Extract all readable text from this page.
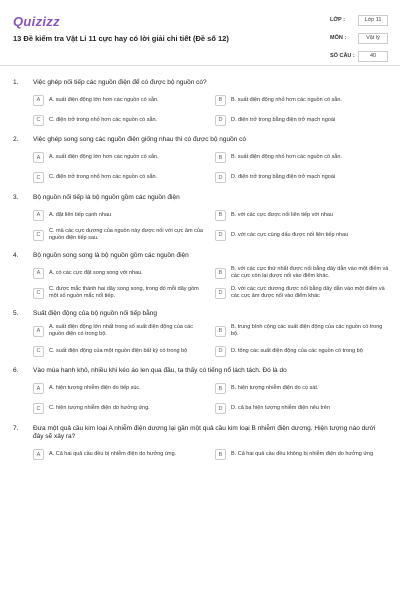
Quizizz
13 Đề kiểm tra Vật Lí 11 cực hay có lời giải chi tiết (Đề số 12)
LỚP :	Lớp 11
MÔN :	Vật lý
SỐ CÂU :	40
1.	Việc ghép nối tiếp các nguồn điện để có được bộ nguồn có?
A	A. suất điện động lớn hơn các nguồn có sẵn.	B	B. suất điện động nhỏ hơn các nguồn có sẵn.
C	C. điện trở trong nhỏ hơn các nguồn có sẵn.	D	D. điện trở trong bằng điện trở mạch ngoài
2.	Việc ghép song song các nguồn điện giống nhau thì có được bộ nguồn có
A	A. suất điện động lớn hơn các nguồn có sẵn.	B	B. suất điện động nhỏ hơn các nguồn có sẵn.
C	C. điện trở trong nhỏ hơn các nguồn có sẵn.	D	D. điện trở trong bằng điện trở mạch ngoài
3.	Bộ nguồn nối tiếp là bộ nguồn gồm các nguồn điện
A	A. đặt liên tiếp cạnh nhau	B	B. với các cực được nối liên tiếp với nhau
C
C. mà các cực dương của nguồn này được nối với cực âm của nguồn điện tiếp sau.	D	D. với các cực cùng dấu được nối liên tiếp nhau
4.	Bộ nguồn song song là bộ nguồn gồm các nguồn điện
A	A. có các cực đặt song song với nhau.	B
B. với các cực thứ nhất được nối bằng dây dẫn vào một điểm và các cực còn lại được nối vào điểm khác.
C
C. được mắc thành hai dãy song song, trong đó mỗi dãy gồm một số nguồn mắc nối tiếp.	D
D. với các cực dương được nối bằng dây dẫn vào một điểm và các cực âm được nối vào điểm khác
5.	Suất điện động của bộ nguồn nối tiếp bằng
A
A. suất điện động lớn nhất trong số suất điện động của các nguồn điện có trong bộ.	B
B. trung bình cộng các suất điện động của các nguồn có trong bộ.
C	C. suất điện động của một nguồn điện bất kỳ có trong bộ	D	D. tổng các suất điện động của các nguồn có trong bộ
6.	Vào mùa hanh khô, nhiều khi kéo áo len qua đầu, ta thấy có tiếng nổ lách tách. Đó là do
A	A. hiện tượng nhiễm điện do tiếp xúc.	B	B. hiện tượng nhiễm điện do cọ sát.
C	C. hiện tượng nhiễm điện do hưởng ứng.	D	D. cả ba hiện tượng nhiễm điện nêu trên
7.	Đưa một quả cầu kim loại A nhiễm điện dương lại gần một quả cầu kim loại B nhiễm điện dương. Hiện tượng nào dưới đây sẽ xảy ra?
A	A. Cả hai quả cầu đều bị nhiễm điện do hưởng ứng.	B	B. Cả hai quả cầu đều không bị nhiễm điện do hưởng ứng
